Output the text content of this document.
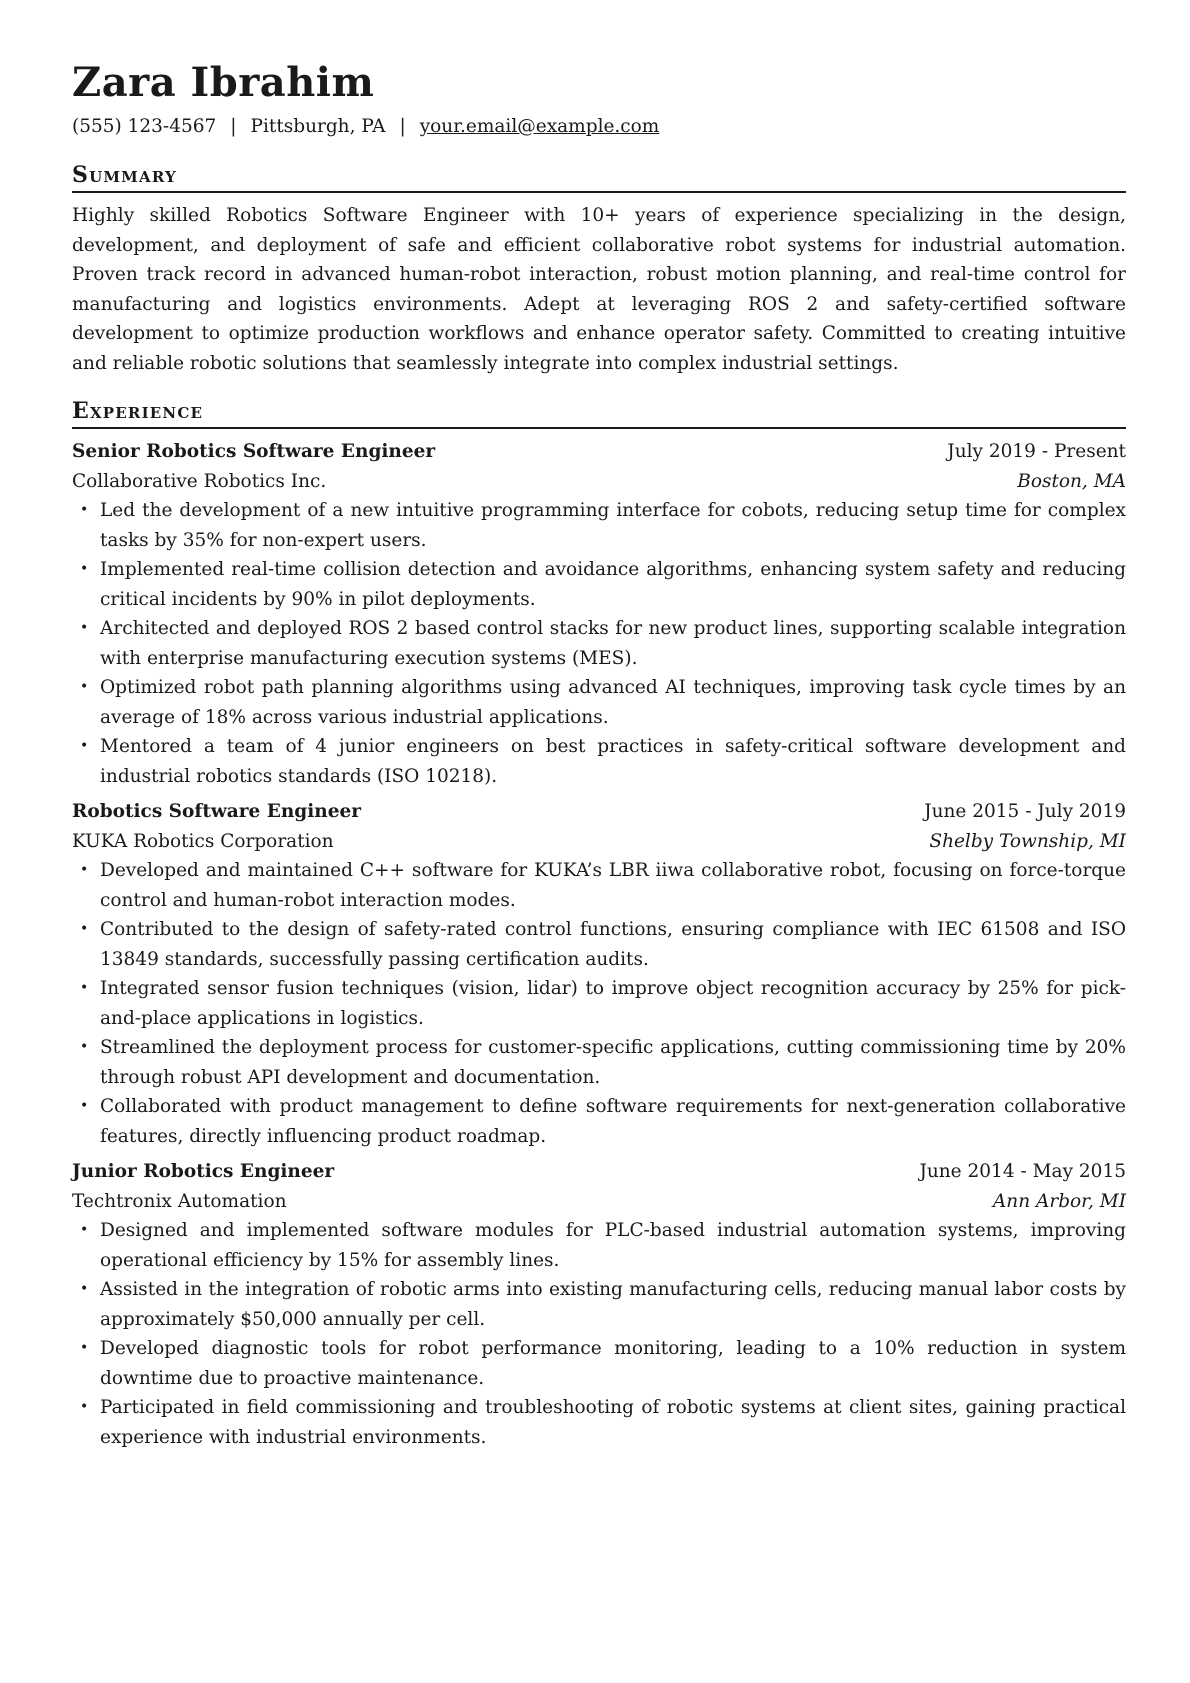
Zara Ibrahim
(555) 123-4567 | Pittsburgh, PA | your.email@example.com
Summary
Highly skilled Robotics Software Engineer with 10+ years of experience specializing in the design, development, and deployment of safe and efficient collaborative robot systems for industrial automation. Proven track record in advanced human-robot interaction, robust motion planning, and real-time control for manufacturing and logistics environments. Adept at leveraging ROS 2 and safety-certified software development to optimize production workflows and enhance operator safety. Committed to creating intuitive and reliable robotic solutions that seamlessly integrate into complex industrial settings.
Experience
Senior Robotics Software Engineer	July 2019 - Present
Collaborative Robotics Inc.	Boston, MA
• Led the development of a new intuitive programming interface for cobots, reducing setup time for complex tasks by 35% for non-expert users.
• Implemented real-time collision detection and avoidance algorithms, enhancing system safety and reducing critical incidents by 90% in pilot deployments.
• Architected and deployed ROS 2 based control stacks for new product lines, supporting scalable integration with enterprise manufacturing execution systems (MES).
• Optimized robot path planning algorithms using advanced AI techniques, improving task cycle times by an average of 18% across various industrial applications.
• Mentored a team of 4 junior engineers on best practices in safety-critical software development and industrial robotics standards (ISO 10218).
Robotics Software Engineer	June 2015 - July 2019
KUKA Robotics Corporation	Shelby Township, MI
• Developed and maintained C++ software for KUKA’s LBR iiwa collaborative robot, focusing on force-torque control and human-robot interaction modes.
• Contributed to the design of safety-rated control functions, ensuring compliance with IEC 61508 and ISO 13849 standards, successfully passing certification audits.
• Integrated sensor fusion techniques (vision, lidar) to improve object recognition accuracy by 25% for pick-and-place applications in logistics.
• Streamlined the deployment process for customer-specific applications, cutting commissioning time by 20% through robust API development and documentation.
• Collaborated with product management to define software requirements for next-generation collaborative features, directly influencing product roadmap.
Junior Robotics Engineer	June 2014 - May 2015
Techtronix Automation	Ann Arbor, MI
• Designed and implemented software modules for PLC-based industrial automation systems, improving operational efficiency by 15% for assembly lines.
• Assisted in the integration of robotic arms into existing manufacturing cells, reducing manual labor costs by approximately $50,000 annually per cell.
• Developed diagnostic tools for robot performance monitoring, leading to a 10% reduction in system downtime due to proactive maintenance.
• Participated in field commissioning and troubleshooting of robotic systems at client sites, gaining practical experience with industrial environments.
